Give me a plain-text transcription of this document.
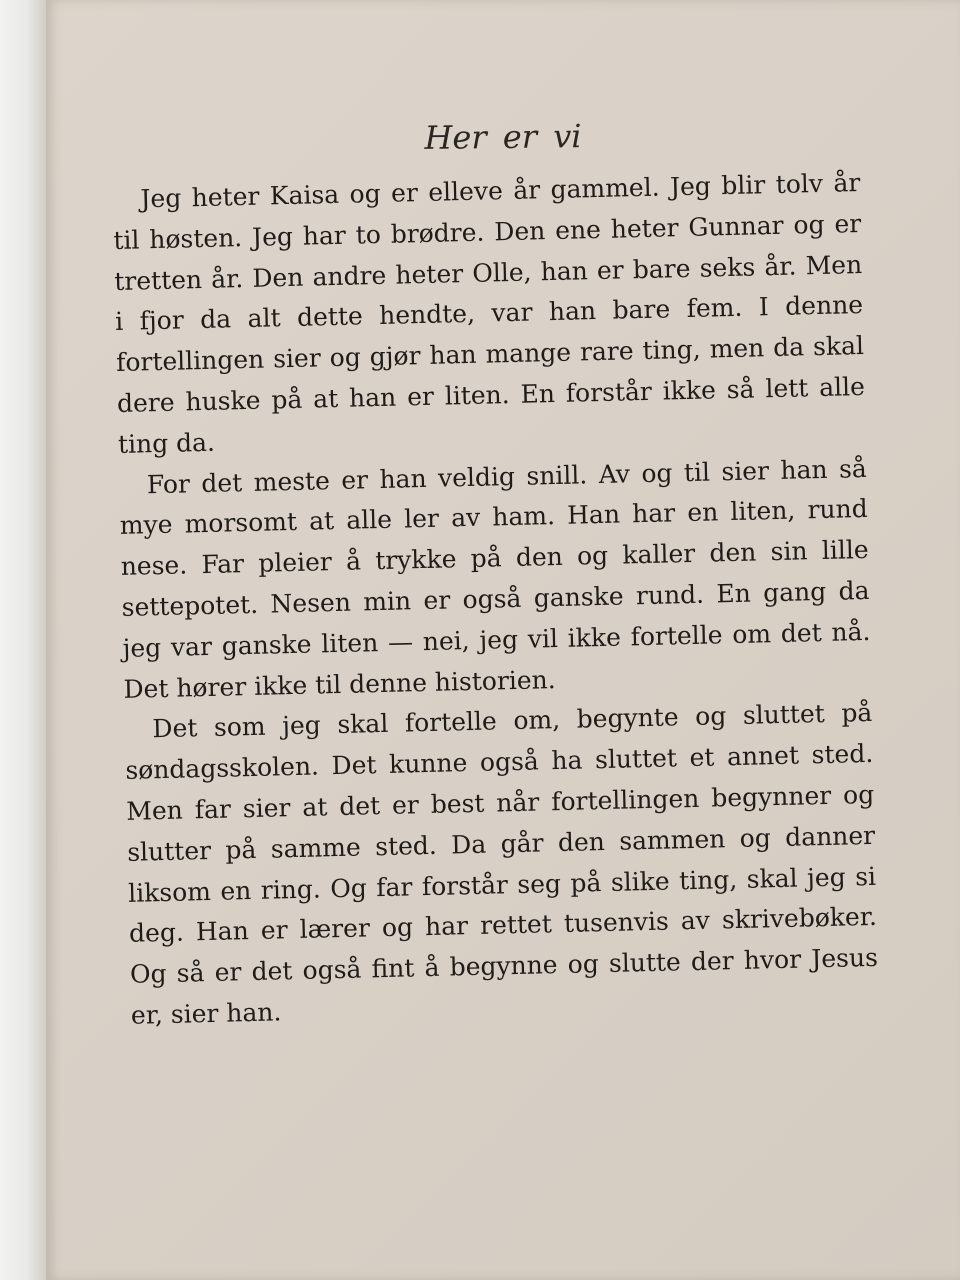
Her er vi

Jeg heter Kaisa og er elleve år gammel. Jeg blir tolv år til høsten. Jeg har to brødre. Den ene heter Gunnar og er tretten år. Den andre heter Olle, han er bare seks år. Men i fjor da alt dette hendte, var han bare fem. I denne fortellingen sier og gjør han mange rare ting, men da skal dere huske på at han er liten. En forstår ikke så lett alle ting da.

For det meste er han veldig snill. Av og til sier han så mye morsomt at alle ler av ham. Han har en liten, rund nese. Far pleier å trykke på den og kaller den sin lille settepotet. Nesen min er også ganske rund. En gang da jeg var ganske liten — nei, jeg vil ikke fortelle om det nå. Det hører ikke til denne historien.

Det som jeg skal fortelle om, begynte og sluttet på søndagsskolen. Det kunne også ha sluttet et annet sted. Men far sier at det er best når fortellingen begynner og slutter på samme sted. Da går den sammen og danner liksom en ring. Og far forstår seg på slike ting, skal jeg si deg. Han er lærer og har rettet tusenvis av skrivebøker. Og så er det også fint å begynne og slutte der hvor Jesus er, sier han.
